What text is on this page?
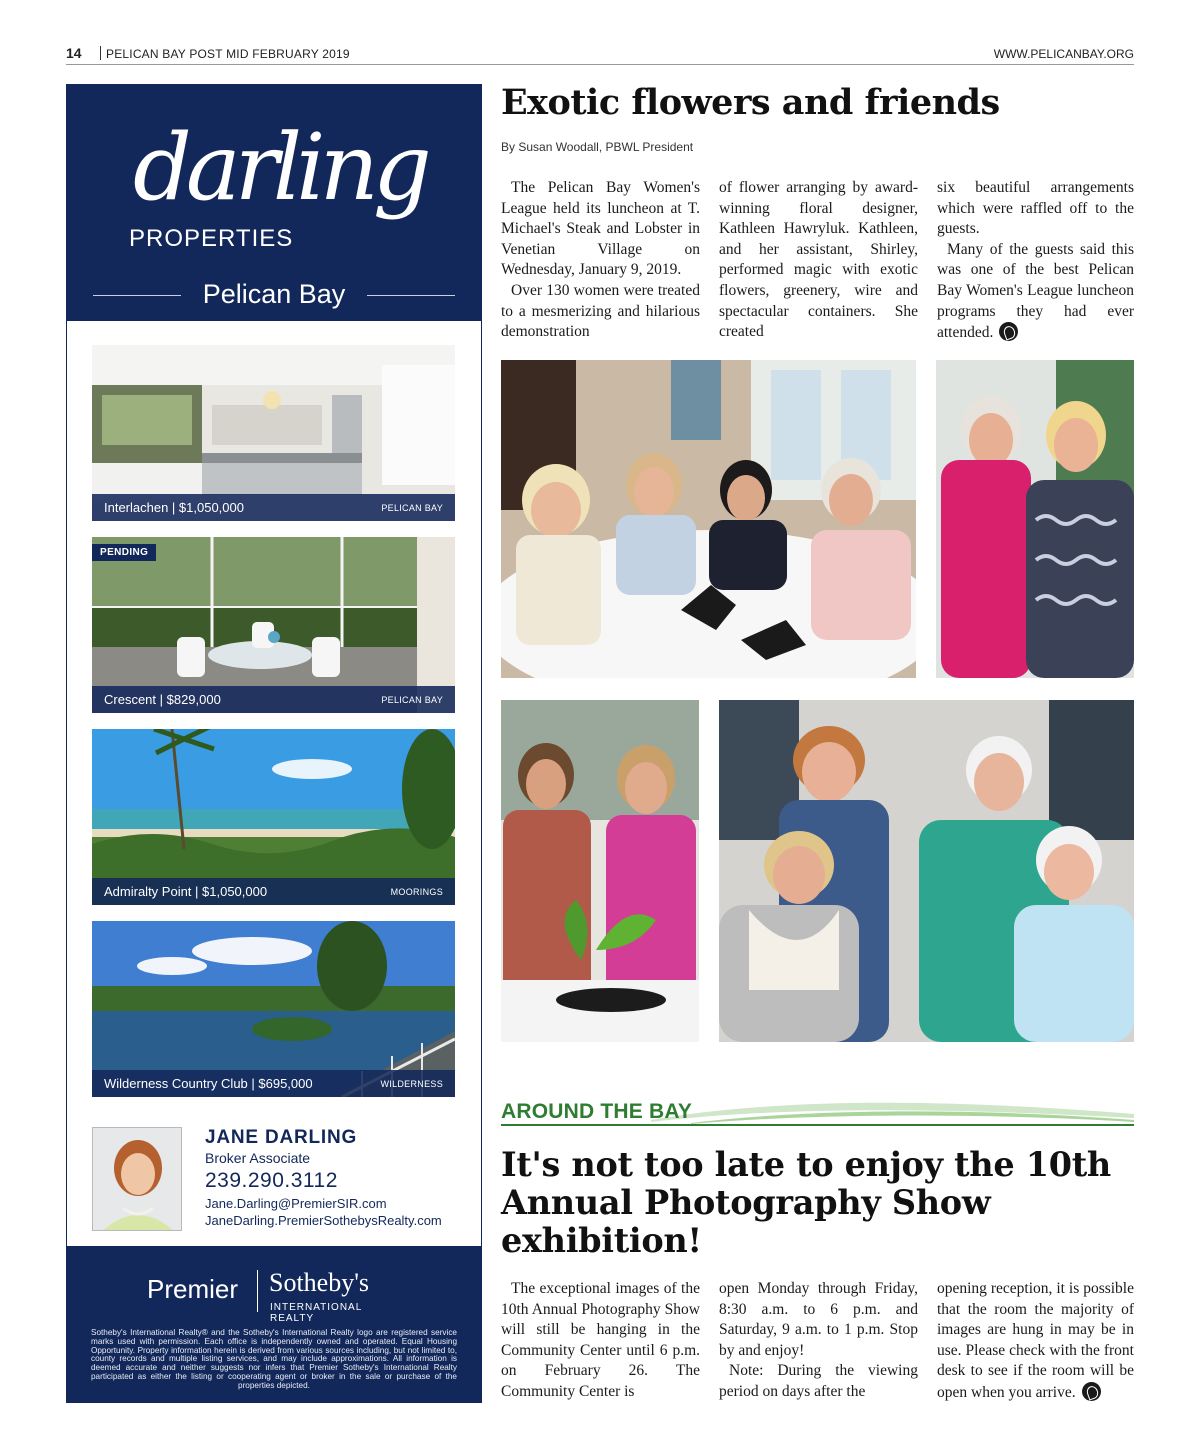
14 PELICAN BAY POST MID FEBRUARY 2019	WWW.PELICANBAY.ORG
darling
PROPERTIES
Pelican Bay
Interlachen | $1,050,000	PELICAN BAY
PENDING
Crescent | $829,000	PELICAN BAY
Admiralty Point | $1,050,000	MOORINGS
Wilderness Country Club | $695,000	WILDERNESS
JANE DARLING
Broker Associate
239.290.3112
Jane.Darling@PremierSIR.com
JaneDarling.PremierSothebysRealty.com
Premier Sotheby's
INTERNATIONAL REALTY
Sotheby's International Realty® and the Sotheby's International Realty logo are registered service marks used with permission. Each office is independently owned and operated. Equal Housing Opportunity. Property information herein is derived from various sources including, but not limited to, county records and multiple listing services, and may include approximations. All information is deemed accurate and neither suggests nor infers that Premier Sotheby's International Realty participated as either the listing or cooperating agent or broker in the sale or purchase of the properties depicted.
Exotic flowers and friends
By Susan Woodall, PBWL President

The Pelican Bay Women's League held its luncheon at T. Michael's Steak and Lobster in Venetian Village on Wednesday, January 9, 2019.

Over 130 women were treated to a mesmerizing and hilarious demonstration

of flower arranging by award-winning floral designer, Kathleen Hawryluk. Kathleen, and her assistant, Shirley, performed magic with exotic flowers, greenery, wire and spectacular containers. She created

six beautiful arrangements which were raffled off to the guests.

Many of the guests said this was one of the best Pelican Bay Women's League luncheon programs they had ever attended.

AROUND THE BAY
It's not too late to enjoy the 10th Annual Photography Show exhibition!

The exceptional images of the 10th Annual Photography Show will still be hanging in the Community Center until 6 p.m. on February 26. The Community Center is

open Monday through Friday, 8:30 a.m. to 6 p.m. and Saturday, 9 a.m. to 1 p.m. Stop by and enjoy!

Note: During the viewing period on days after the

opening reception, it is possible that the room the majority of images are hung in may be in use. Please check with the front desk to see if the room will be open when you arrive.
